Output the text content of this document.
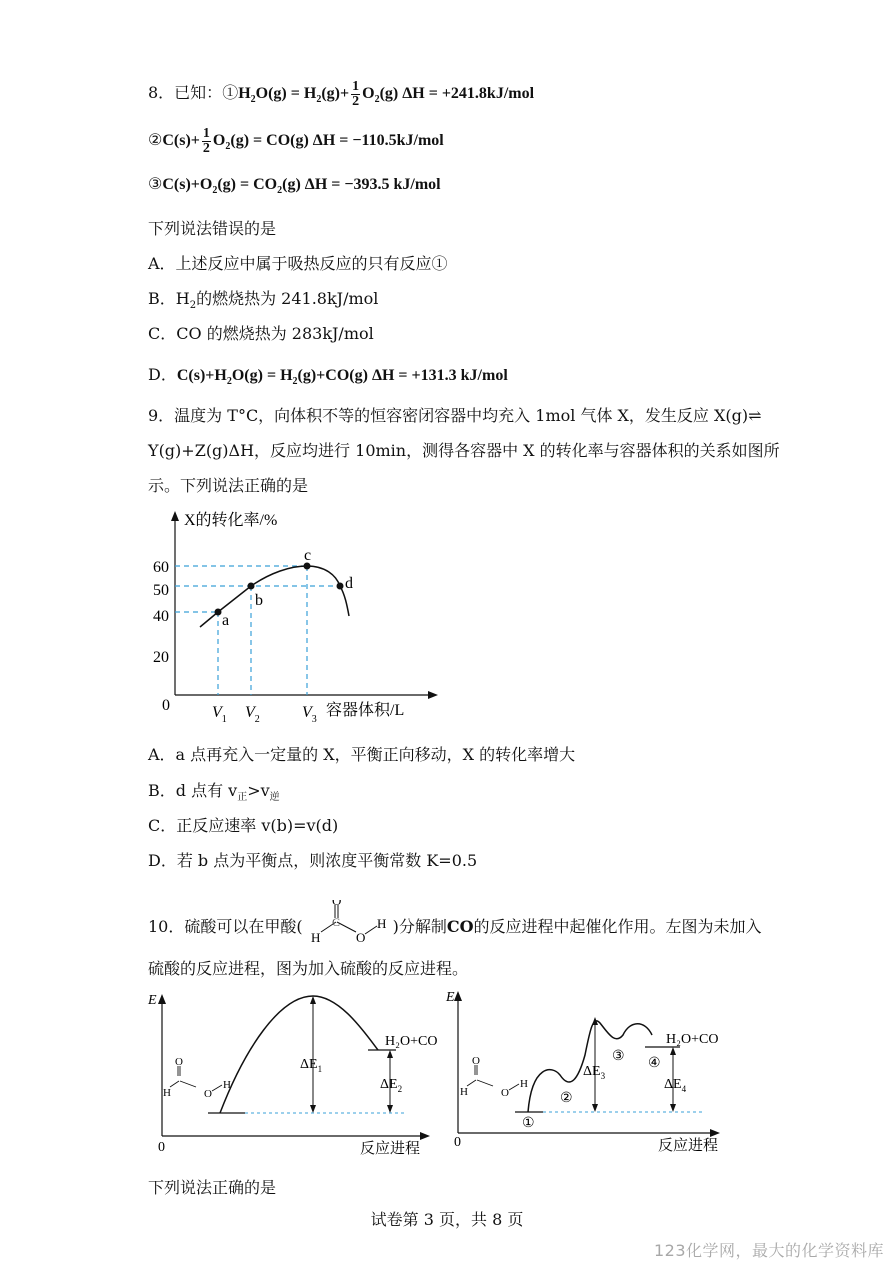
8．已知：$①H_2O(g) = H_2(g)+ \frac{1}{2} O_2(g) \Delta H = +241.8kJ/mol$
②C(s)+ $\frac{1}{2} O_2(g) = CO(g) \Delta H = -110.5kJ/mol$
$③C(s)+O_2(g) = CO_2(g) \Delta H = -393.5$ kJ/mol
下列说法错误的是
A．上述反应中属于吸热反应的只有反应①
B．$H_2$的燃烧热为 241.8kJ/mol
C．CO 的燃烧热为 283kJ/mol
D．$C(s)+H_2O(g) = H_2(g)+CO(g) \Delta H = +131.3$ kJ/mol
9．温度为 T°C，向体积不等的恒容密闭容器中均充入 1mol 气体 X，发生反应 X(g)⇌
Y(g)+Z(g)ΔH，反应均进行 10min，测得各容器中 X 的转化率与容器体积的关系如图所
示。下列说法正确的是
X的转化率/%
0
20
40
50
60
a
b
c
d
$V_1$ $V_2$	$V_3$
容器体积/L
A．a 点再充入一定量的 X，平衡正向移动，X 的转化率增大
B．d 点有 $v_正>v_逆$
C．正反应速率 v(b)=v(d)
D．若 b 点为平衡点，则浓度平衡常数 K=0.5
10．硫酸可以在甲酸(
O
C
H	O
H )分解制CO的反应进程中起催化作用。左图为未加入
硫酸的反应进程，图为加入硫酸的反应进程。
E
0	反应进程
O
H	O
H
H₂O+CO
$\Delta E_1$
$\Delta E_2$
E
0	反应进程
O
H	O
H
H₂O+CO
①
②
③ ④
$\Delta E_3$
$\Delta E_4$
下列说法正确的是
试卷第 3 页，共 8 页
123化学网，最大的化学资料库
